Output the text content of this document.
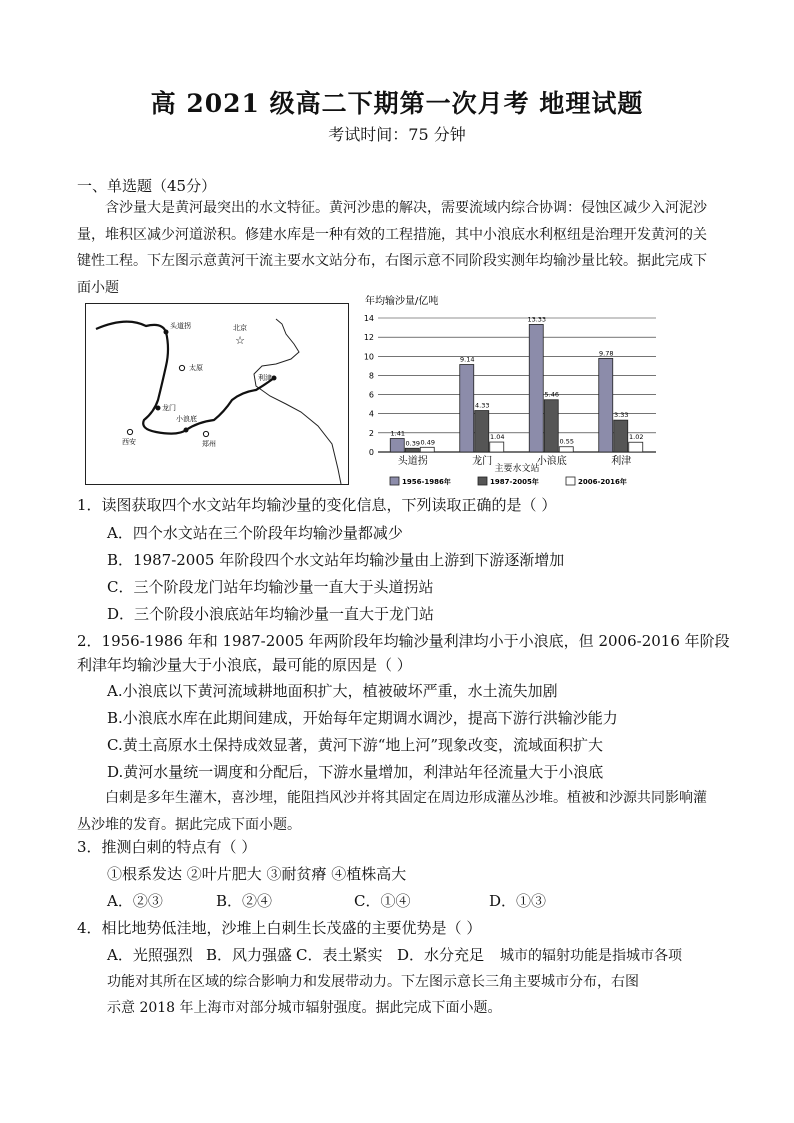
高 2021 级高二下期第一次月考 地理试题
考试时间：75 分钟
一、单选题（45分）
含沙量大是黄河最突出的水文特征。黄河沙患的解决，需要流域内综合协调：侵蚀区减少入河泥沙量，堆积区减少河道淤积。修建水库是一种有效的工程措施，其中小浪底水利枢纽是治理开发黄河的关键性工程。下左图示意黄河干流主要水文站分布，右图示意不同阶段实测年均输沙量比较。据此完成下面小题
☆
头道拐	北京
太原
利津
龙门
小浪底
西安	郑州
年均输沙量/亿吨
0
2
4
6
8
10
12
14
1.41
0.39 0.49
头道拐
9.14
4.33
1.04
龙门
13.33
5.46
0.55
小浪底
9.78
3.33
1.02
利津
主要水文站
1956-1986年	1987-2005年	2006-2016年
1．读图获取四个水文站年均输沙量的变化信息，下列读取正确的是（ ）
A．四个水文站在三个阶段年均输沙量都减少
B．1987-2005 年阶段四个水文站年均输沙量由上游到下游逐渐增加
C．三个阶段龙门站年均输沙量一直大于头道拐站
D．三个阶段小浪底站年均输沙量一直大于龙门站
2．1956-1986 年和 1987-2005 年两阶段年均输沙量利津均小于小浪底，但 2006-2016 年阶段
利津年均输沙量大于小浪底，最可能的原因是（ ）
A.小浪底以下黄河流域耕地面积扩大，植被破坏严重，水土流失加剧
B.小浪底水库在此期间建成，开始每年定期调水调沙，提高下游行洪输沙能力
C.黄土高原水土保持成效显著，黄河下游“地上河”现象改变，流域面积扩大
D.黄河水量统一调度和分配后，下游水量增加，利津站年径流量大于小浪底
白刺是多年生灌木，喜沙埋，能阻挡风沙并将其固定在周边形成灌丛沙堆。植被和沙源共同影响灌丛沙堆的发育。据此完成下面小题。
3．推测白刺的特点有（ ）
①根系发达 ②叶片肥大 ③耐贫瘠 ④植株高大
A．②③	B．②④	C．①④	D．①③
4．相比地势低洼地，沙堆上白刺生长茂盛的主要优势是（ ）
A．光照强烈 B．风力强盛 C．表土紧实 D．水分充足 城市的辐射功能是指城市各项
功能对其所在区域的综合影响力和发展带动力。下左图示意长三角主要城市分布，右图
示意 2018 年上海市对部分城市辐射强度。据此完成下面小题。
